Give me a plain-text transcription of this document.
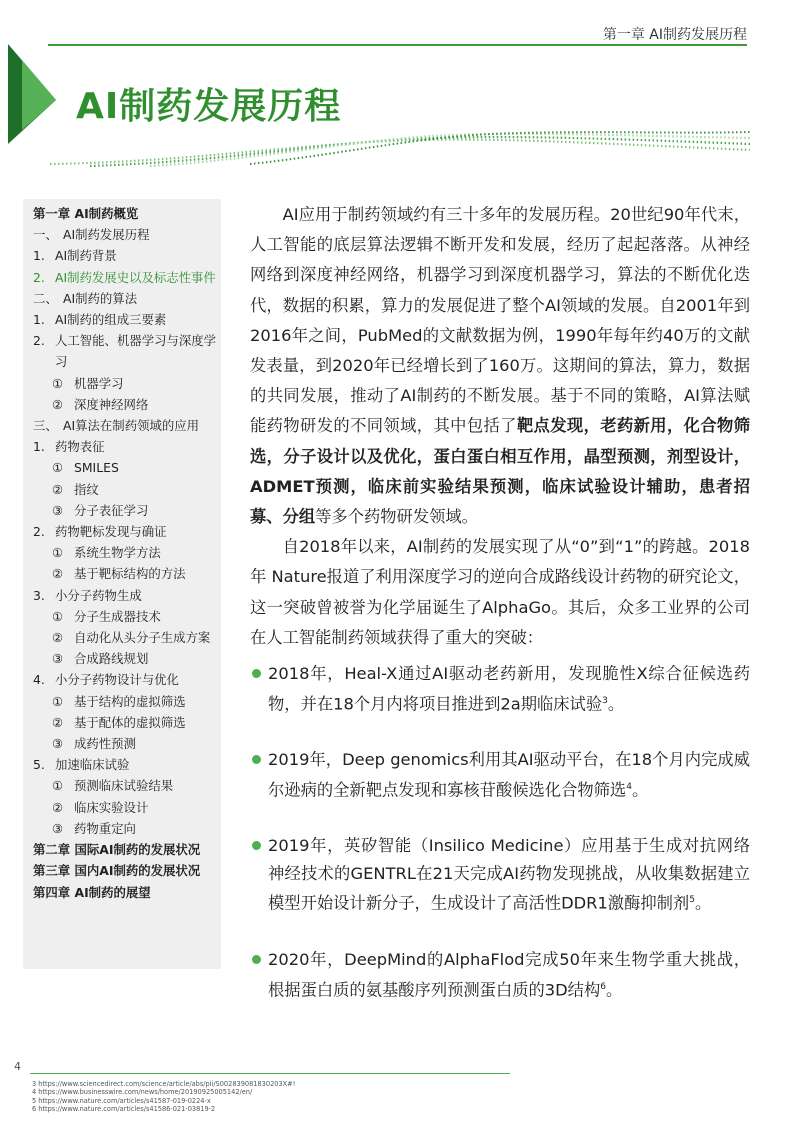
第一章 AI制药发展历程
AI制药发展历程
第一章 AI制药概览
一、 AI制药发展历程
1. AI制药背景
2. AI制药发展史以及标志性事件
二、 AI制药的算法
1. AI制药的组成三要素
2. 人工智能、机器学习与深度学习
① 机器学习
② 深度神经网络
三、 AI算法在制药领域的应用
1. 药物表征
① SMILES
② 指纹
③ 分子表征学习
2. 药物靶标发现与确证
① 系统生物学方法
② 基于靶标结构的方法
3. 小分子药物生成
① 分子生成器技术
② 自动化从头分子生成方案
③ 合成路线规划
4. 小分子药物设计与优化
① 基于结构的虚拟筛选
② 基于配体的虚拟筛选
③ 成药性预测
5. 加速临床试验
① 预测临床试验结果
② 临床实验设计
③ 药物重定向
第二章 国际AI制药的发展状况
第三章 国内AI制药的发展状况
第四章 AI制药的展望

AI应用于制药领域约有三十多年的发展历程。20世纪90年代末，人工智能的底层算法逻辑不断开发和发展，经历了起起落落。从神经网络到深度神经网络，机器学习到深度机器学习，算法的不断优化迭代，数据的积累，算力的发展促进了整个AI领域的发展。自2001年到2016年之间，PubMed的文献数据为例，1990年每年约40万的文献发表量，到2020年已经增长到了160万。这期间的算法，算力，数据的共同发展，推动了AI制药的不断发展。基于不同的策略，AI算法赋能药物研发的不同领域，其中包括了靶点发现，老药新用，化合物筛选，分子设计以及优化，蛋白蛋白相互作用，晶型预测，剂型设计，ADMET预测，临床前实验结果预测，临床试验设计辅助，患者招募、分组等多个药物研发领域。

自2018年以来，AI制药的发展实现了从“0”到“1”的跨越。2018年 Nature报道了利用深度学习的逆向合成路线设计药物的研究论文，这一突破曾被誉为化学届诞生了AlphaGo。其后，众多工业界的公司在人工智能制药领域获得了重大的突破：

2018年，Heal-X通过AI驱动老药新用，发现脆性X综合征候选药物，并在18个月内将项目推进到2a期临床试验$^3$。

2019年，Deep genomics利用其AI驱动平台，在18个月内完成威尔逊病的全新靶点发现和寡核苷酸候选化合物筛选$^4$。

2019年，英矽智能（Insilico Medicine）应用基于生成对抗网络神经技术的GENTRL在21天完成AI药物发现挑战，从收集数据建立模型开始设计新分子，生成设计了高活性DDR1激酶抑制剂$^5$。

2020年，DeepMind的AlphaFlod完成50年来生物学重大挑战，根据蛋白质的氨基酸序列预测蛋白质的3D结构$^6$。

4
3 https://www.sciencedirect.com/science/article/abs/pii/S002839081830203X#!
4 https://www.businesswire.com/news/home/20190925005142/en/
5 https://www.nature.com/articles/s41587-019-0224-x
6 https://www.nature.com/articles/s41586-021-03819-2
